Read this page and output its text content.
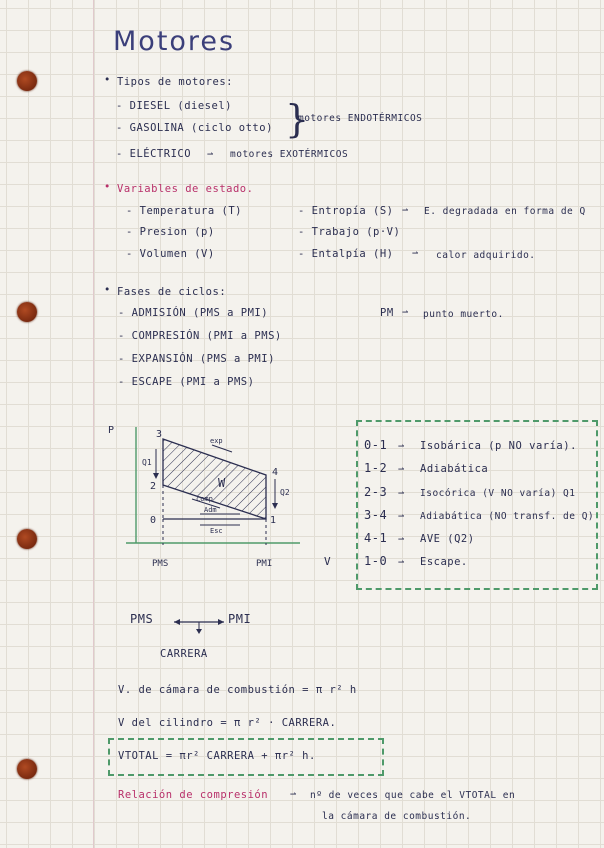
Motores
• Tipos de motores:
- DIESEL (diesel)
- GASOLINA (ciclo otto) }
motores ENDOTÉRMICOS
- ELÉCTRICO ⇀ motores EXOTÉRMICOS
• Variables de estado.
- Temperatura (T)
- Presion (p)
- Volumen (V)
- Entropía (S) ⇀ E. degradada en forma de Q
- Trabajo (p·V)
- Entalpía (H) ⇀ calor adquirido.
• Fases de ciclos:
- ADMISIÓN (PMS a PMI)
- COMPRESIÓN (PMI a PMS)
- EXPANSIÓN (PMS a PMI)
- ESCAPE (PMI a PMS)
PM ⇀ punto muerto.
P
V
3
2
0
4
1
Q1
Q2
W
exp
comp
Adm
Esc
PMS	PMI
0-1 ⇀ Isobárica (p NO varía).
1-2 ⇀ Adiabática
2-3 ⇀ Isocórica (V NO varía) Q1
3-4 ⇀ Adiabática (NO transf. de Q)
4-1 ⇀ AVE (Q2)
1-0 ⇀ Escape.
PMS	PMI
CARRERA
V. de cámara de combustión = π r² h
V del cilindro = π r² · CARRERA.
VTOTAL = πr² CARRERA + πr² h.
Relación de compresión ⇀ nº de veces que cabe el VTOTAL en
la cámara de combustión.
